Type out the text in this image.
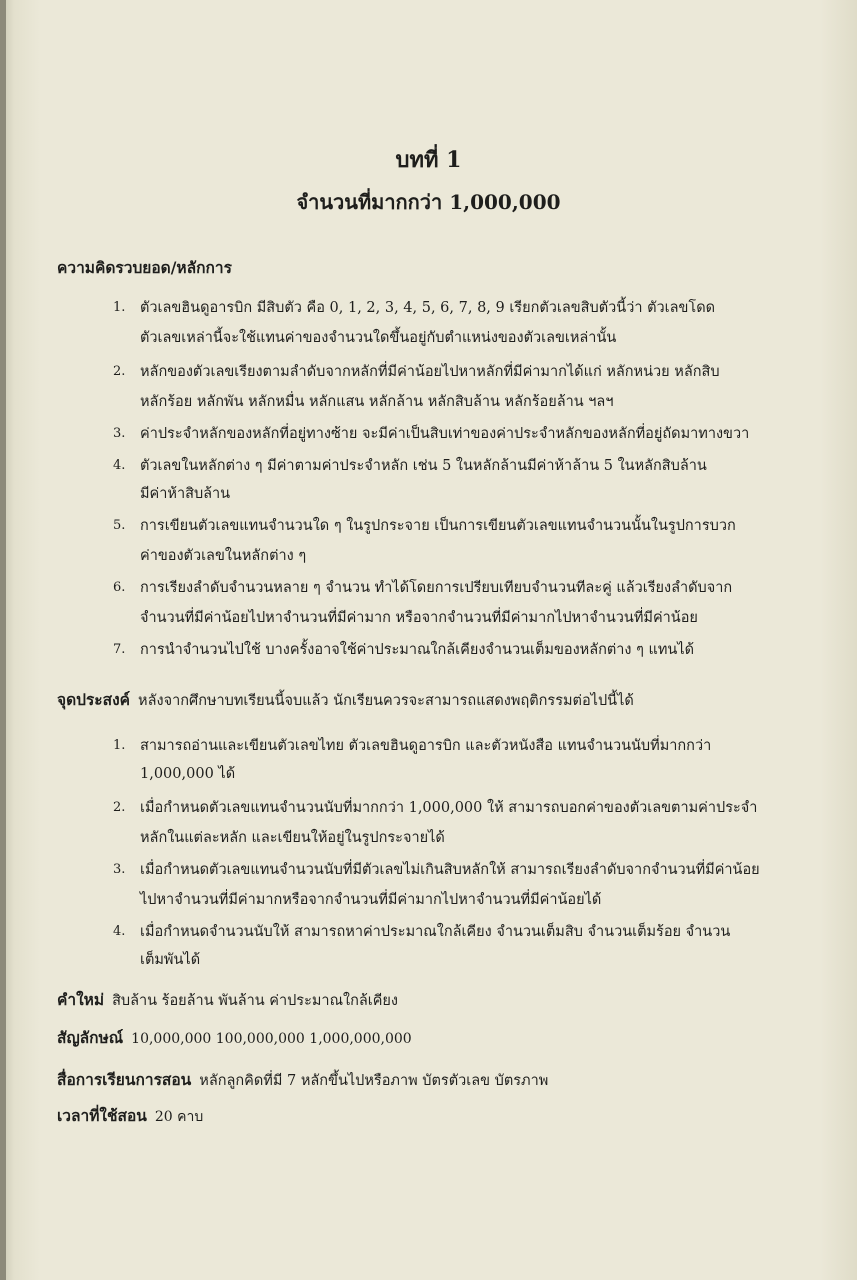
บทที่ 1
จำนวนที่มากกว่า 1,000,000
ความคิดรวบยอด/หลักการ
1. ตัวเลขฮินดูอารบิก มีสิบตัว คือ 0, 1, 2, 3, 4, 5, 6, 7, 8, 9 เรียกตัวเลขสิบตัวนี้ว่า ตัวเลขโดด
ตัวเลขเหล่านี้จะใช้แทนค่าของจำนวนใดขึ้นอยู่กับตำแหน่งของตัวเลขเหล่านั้น
2. หลักของตัวเลขเรียงตามลำดับจากหลักที่มีค่าน้อยไปหาหลักที่มีค่ามากได้แก่ หลักหน่วย หลักสิบ
หลักร้อย หลักพัน หลักหมื่น หลักแสน หลักล้าน หลักสิบล้าน หลักร้อยล้าน ฯลฯ
3. ค่าประจำหลักของหลักที่อยู่ทางซ้าย จะมีค่าเป็นสิบเท่าของค่าประจำหลักของหลักที่อยู่ถัดมาทางขวา
4. ตัวเลขในหลักต่าง ๆ มีค่าตามค่าประจำหลัก เช่น 5 ในหลักล้านมีค่าห้าล้าน 5 ในหลักสิบล้าน
มีค่าห้าสิบล้าน
5. การเขียนตัวเลขแทนจำนวนใด ๆ ในรูปกระจาย เป็นการเขียนตัวเลขแทนจำนวนนั้นในรูปการบวก
ค่าของตัวเลขในหลักต่าง ๆ
6. การเรียงลำดับจำนวนหลาย ๆ จำนวน ทำได้โดยการเปรียบเทียบจำนวนทีละคู่ แล้วเรียงลำดับจาก
จำนวนที่มีค่าน้อยไปหาจำนวนที่มีค่ามาก หรือจากจำนวนที่มีค่ามากไปหาจำนวนที่มีค่าน้อย
7. การนำจำนวนไปใช้ บางครั้งอาจใช้ค่าประมาณใกล้เคียงจำนวนเต็มของหลักต่าง ๆ แทนได้
จุดประสงค์ หลังจากศึกษาบทเรียนนี้จบแล้ว นักเรียนควรจะสามารถแสดงพฤติกรรมต่อไปนี้ได้
1. สามารถอ่านและเขียนตัวเลขไทย ตัวเลขฮินดูอารบิก และตัวหนังสือ แทนจำนวนนับที่มากกว่า
1,000,000 ได้
2. เมื่อกำหนดตัวเลขแทนจำนวนนับที่มากกว่า 1,000,000 ให้ สามารถบอกค่าของตัวเลขตามค่าประจำ
หลักในแต่ละหลัก และเขียนให้อยู่ในรูปกระจายได้
3. เมื่อกำหนดตัวเลขแทนจำนวนนับที่มีตัวเลขไม่เกินสิบหลักให้ สามารถเรียงลำดับจากจำนวนที่มีค่าน้อย
ไปหาจำนวนที่มีค่ามากหรือจากจำนวนที่มีค่ามากไปหาจำนวนที่มีค่าน้อยได้
4. เมื่อกำหนดจำนวนนับให้ สามารถหาค่าประมาณใกล้เคียง จำนวนเต็มสิบ จำนวนเต็มร้อย จำนวน
เต็มพันได้
คำใหม่ สิบล้าน ร้อยล้าน พันล้าน ค่าประมาณใกล้เคียง
สัญลักษณ์ 10,000,000 100,000,000 1,000,000,000
สื่อการเรียนการสอน หลักลูกคิดที่มี 7 หลักขึ้นไปหรือภาพ บัตรตัวเลข บัตรภาพ
เวลาที่ใช้สอน 20 คาบ
